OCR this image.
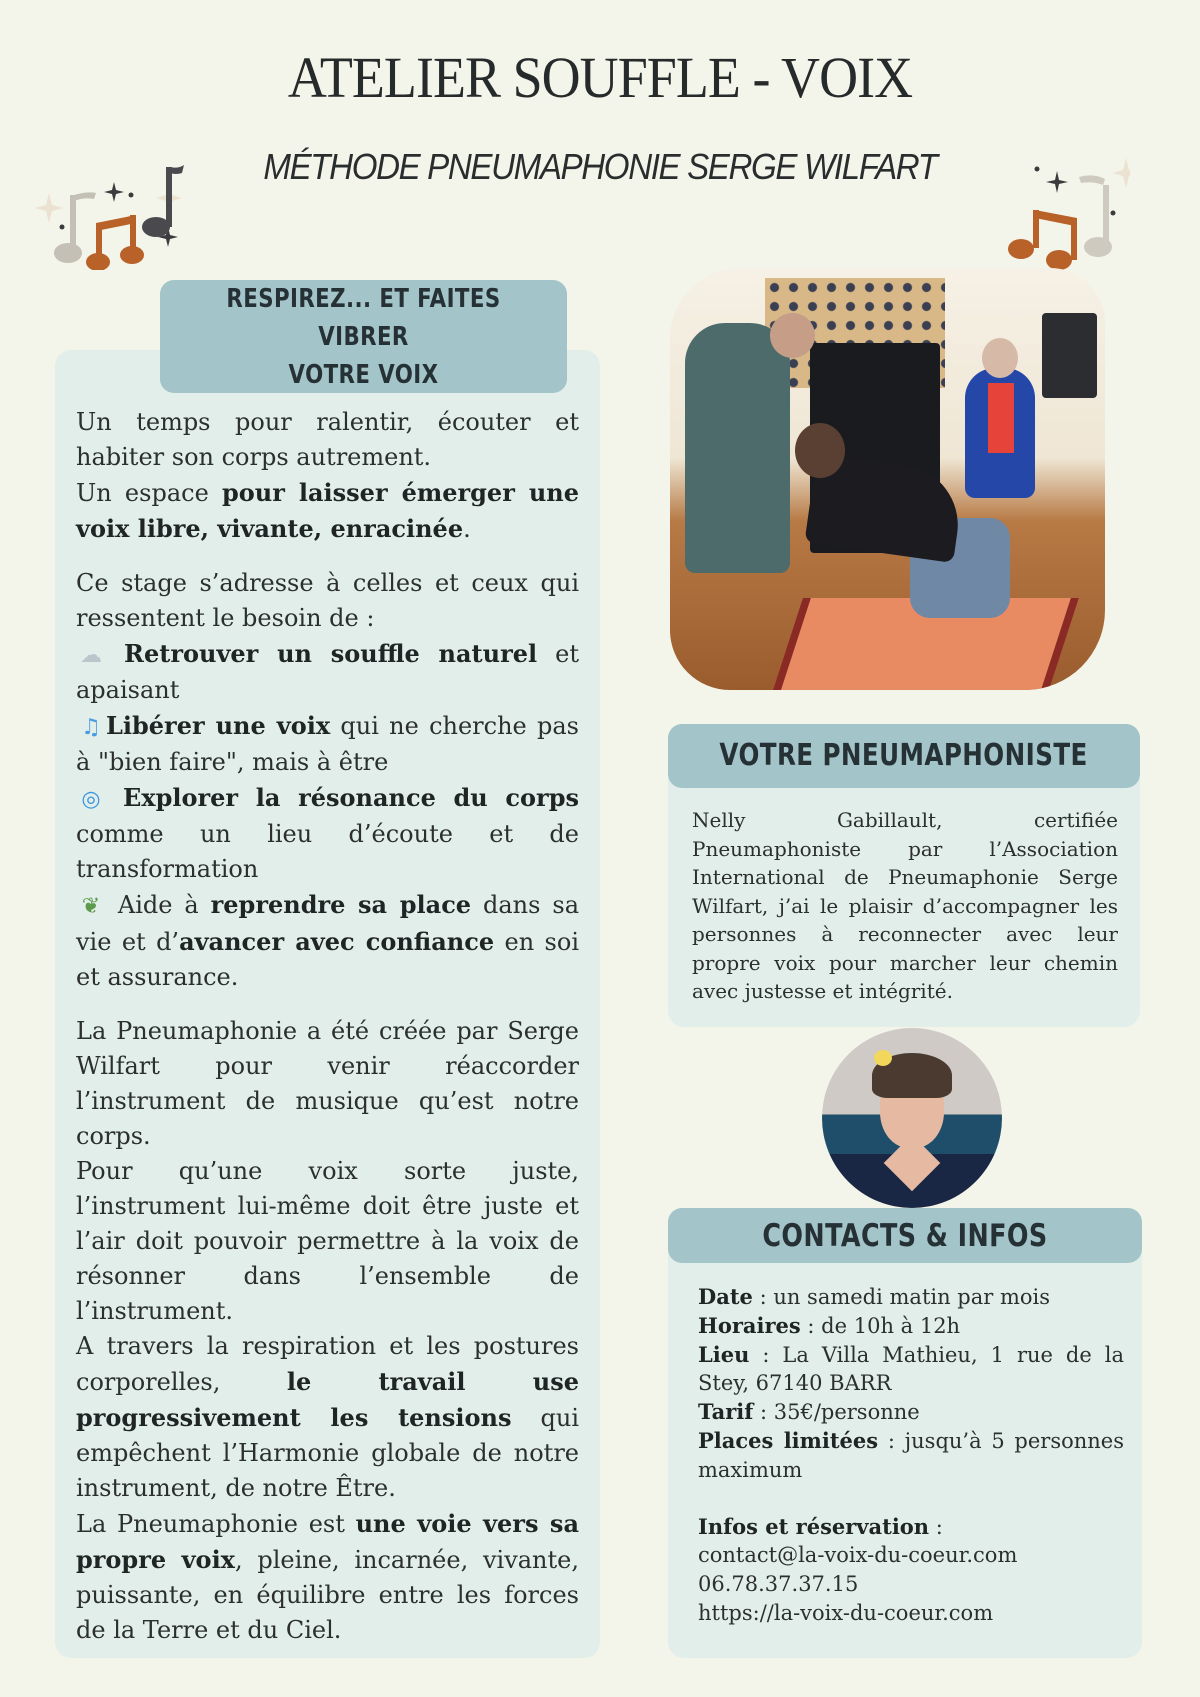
ATELIER SOUFFLE - VOIX
MÉTHODE PNEUMAPHONIE SERGE WILFART
RESPIREZ... ET FAITES VIBRER
VOTRE VOIX

Un temps pour ralentir, écouter et habiter son corps autrement.
Un espace pour laisser émerger une voix libre, vivante, enracinée.

Ce stage s’adresse à celles et ceux qui ressentent le besoin de :
☁ Retrouver un souffle naturel et apaisant
♫ Libérer une voix qui ne cherche pas à "bien faire", mais à être
◎ Explorer la résonance du corps comme un lieu d’écoute et de transformation
❦ Aide à reprendre sa place dans sa vie et d’avancer avec confiance en soi et assurance.

La Pneumaphonie a été créée par Serge Wilfart pour venir réaccorder l’instrument de musique qu’est notre corps.
Pour qu’une voix sorte juste, l’instrument lui-même doit être juste et l’air doit pouvoir permettre à la voix de résonner dans l’ensemble de l’instrument.
A travers la respiration et les postures corporelles, le travail use progressivement les tensions qui empêchent l’Harmonie globale de notre instrument, de notre Être.
La Pneumaphonie est une voie vers sa propre voix, pleine, incarnée, vivante, puissante, en équilibre entre les forces de la Terre et du Ciel.

VOTRE PNEUMAPHONISTE
Nelly Gabillault, certifiée Pneumaphoniste par l’Association International de Pneumaphonie Serge Wilfart, j’ai le plaisir d’accompagner les personnes à reconnecter avec leur propre voix pour marcher leur chemin avec justesse et intégrité.
CONTACTS & INFOS
Date : un samedi matin par mois
Horaires : de 10h à 12h
Lieu : La Villa Mathieu, 1 rue de la Stey, 67140 BARR
Tarif : 35€/personne
Places limitées : jusqu’à 5 personnes maximum
Infos et réservation :
contact@la-voix-du-coeur.com
06.78.37.37.15
https://la-voix-du-coeur.com
